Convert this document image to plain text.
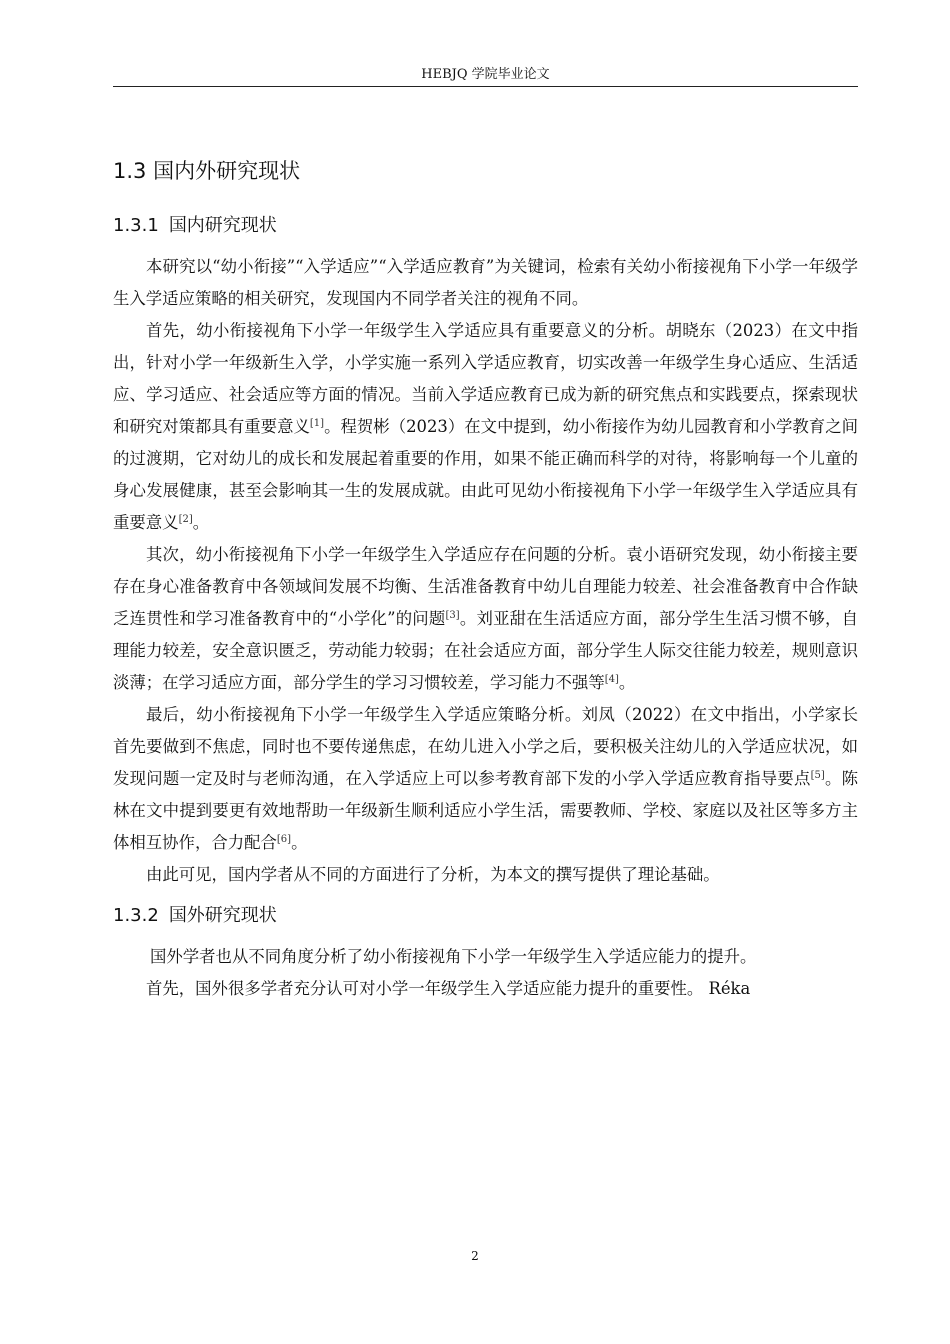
HEBJQ 学院毕业论文
1.3 国内外研究现状
1.3.1 国内研究现状

本研究以“幼小衔接”“入学适应”“入学适应教育”为关键词，检索有关幼小衔接视角下小学一年级学生入学适应策略的相关研究，发现国内不同学者关注的视角不同。

首先，幼小衔接视角下小学一年级学生入学适应具有重要意义的分析。胡晓东（2023）在文中指出，针对小学一年级新生入学，小学实施一系列入学适应教育，切实改善一年级学生身心适应、生活适应、学习适应、社会适应等方面的情况。当前入学适应教育已成为新的研究焦点和实践要点，探索现状和研究对策都具有重要意义[1]。程贺彬（2023）在文中提到，幼小衔接作为幼儿园教育和小学教育之间的过渡期，它对幼儿的成长和发展起着重要的作用，如果不能正确而科学的对待，将影响每一个儿童的身心发展健康，甚至会影响其一生的发展成就。由此可见幼小衔接视角下小学一年级学生入学适应具有重要意义[2]。

其次，幼小衔接视角下小学一年级学生入学适应存在问题的分析。袁小语研究发现，幼小衔接主要存在身心准备教育中各领域间发展不均衡、生活准备教育中幼儿自理能力较差、社会准备教育中合作缺乏连贯性和学习准备教育中的“小学化”的问题[3]。刘亚甜在生活适应方面，部分学生生活习惯不够，自理能力较差，安全意识匮乏，劳动能力较弱；在社会适应方面，部分学生人际交往能力较差，规则意识淡薄；在学习适应方面，部分学生的学习习惯较差，学习能力不强等[4]。

最后，幼小衔接视角下小学一年级学生入学适应策略分析。刘凤（2022）在文中指出，小学家长首先要做到不焦虑，同时也不要传递焦虑，在幼儿进入小学之后，要积极关注幼儿的入学适应状况，如发现问题一定及时与老师沟通，在入学适应上可以参考教育部下发的小学入学适应教育指导要点[5]。陈林在文中提到要更有效地帮助一年级新生顺利适应小学生活，需要教师、学校、家庭以及社区等多方主体相互协作，合力配合[6]。

由此可见，国内学者从不同的方面进行了分析，为本文的撰写提供了理论基础。

1.3.2 国外研究现状

国外学者也从不同角度分析了幼小衔接视角下小学一年级学生入学适应能力的提升。

首先，国外很多学者充分认可对小学一年级学生入学适应能力提升的重要性。 Réka

2
